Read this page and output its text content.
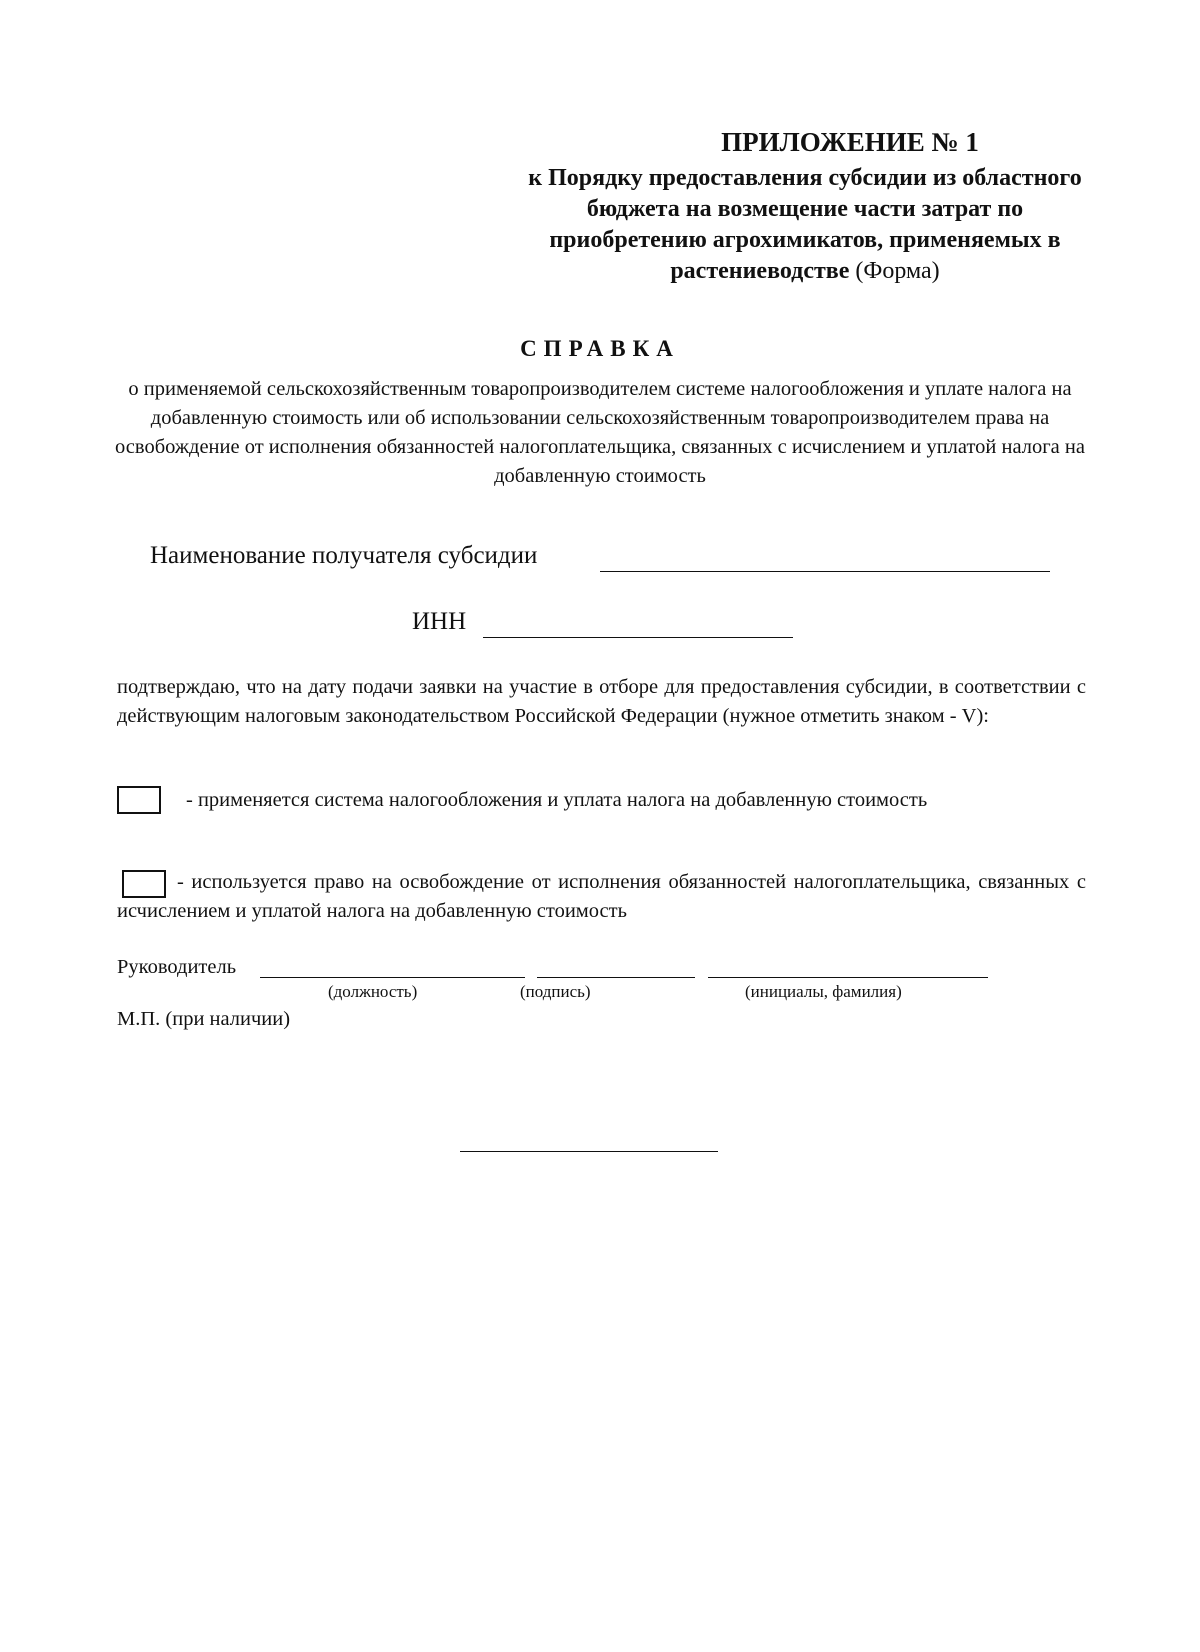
ПРИЛОЖЕНИЕ № 1
к Порядку предоставления субсидии из областного бюджета на возмещение части затрат по приобретению агрохимикатов, применяемых в растениеводстве (Форма)
СПРАВКА
о применяемой сельскохозяйственным товаропроизводителем системе налогообложения и уплате налога на добавленную стоимость или об использовании сельскохозяйственным товаропроизводителем права на освобождение от исполнения обязанностей налогоплательщика, связанных с исчислением и уплатой налога на добавленную стоимость
Наименование получателя субсидии
ИНН
подтверждаю, что на дату подачи заявки на участие в отборе для предоставления субсидии, в соответствии с действующим налоговым законодательством Российской Федерации (нужное отметить знаком - V):
- применяется система налогообложения и уплата налога на добавленную стоимость
- используется право на освобождение от исполнения обязанностей налогоплательщика, связанных с исчислением и уплатой налога на добавленную стоимость
Руководитель
(должность)	(подпись)	(инициалы, фамилия)
М.П. (при наличии)
